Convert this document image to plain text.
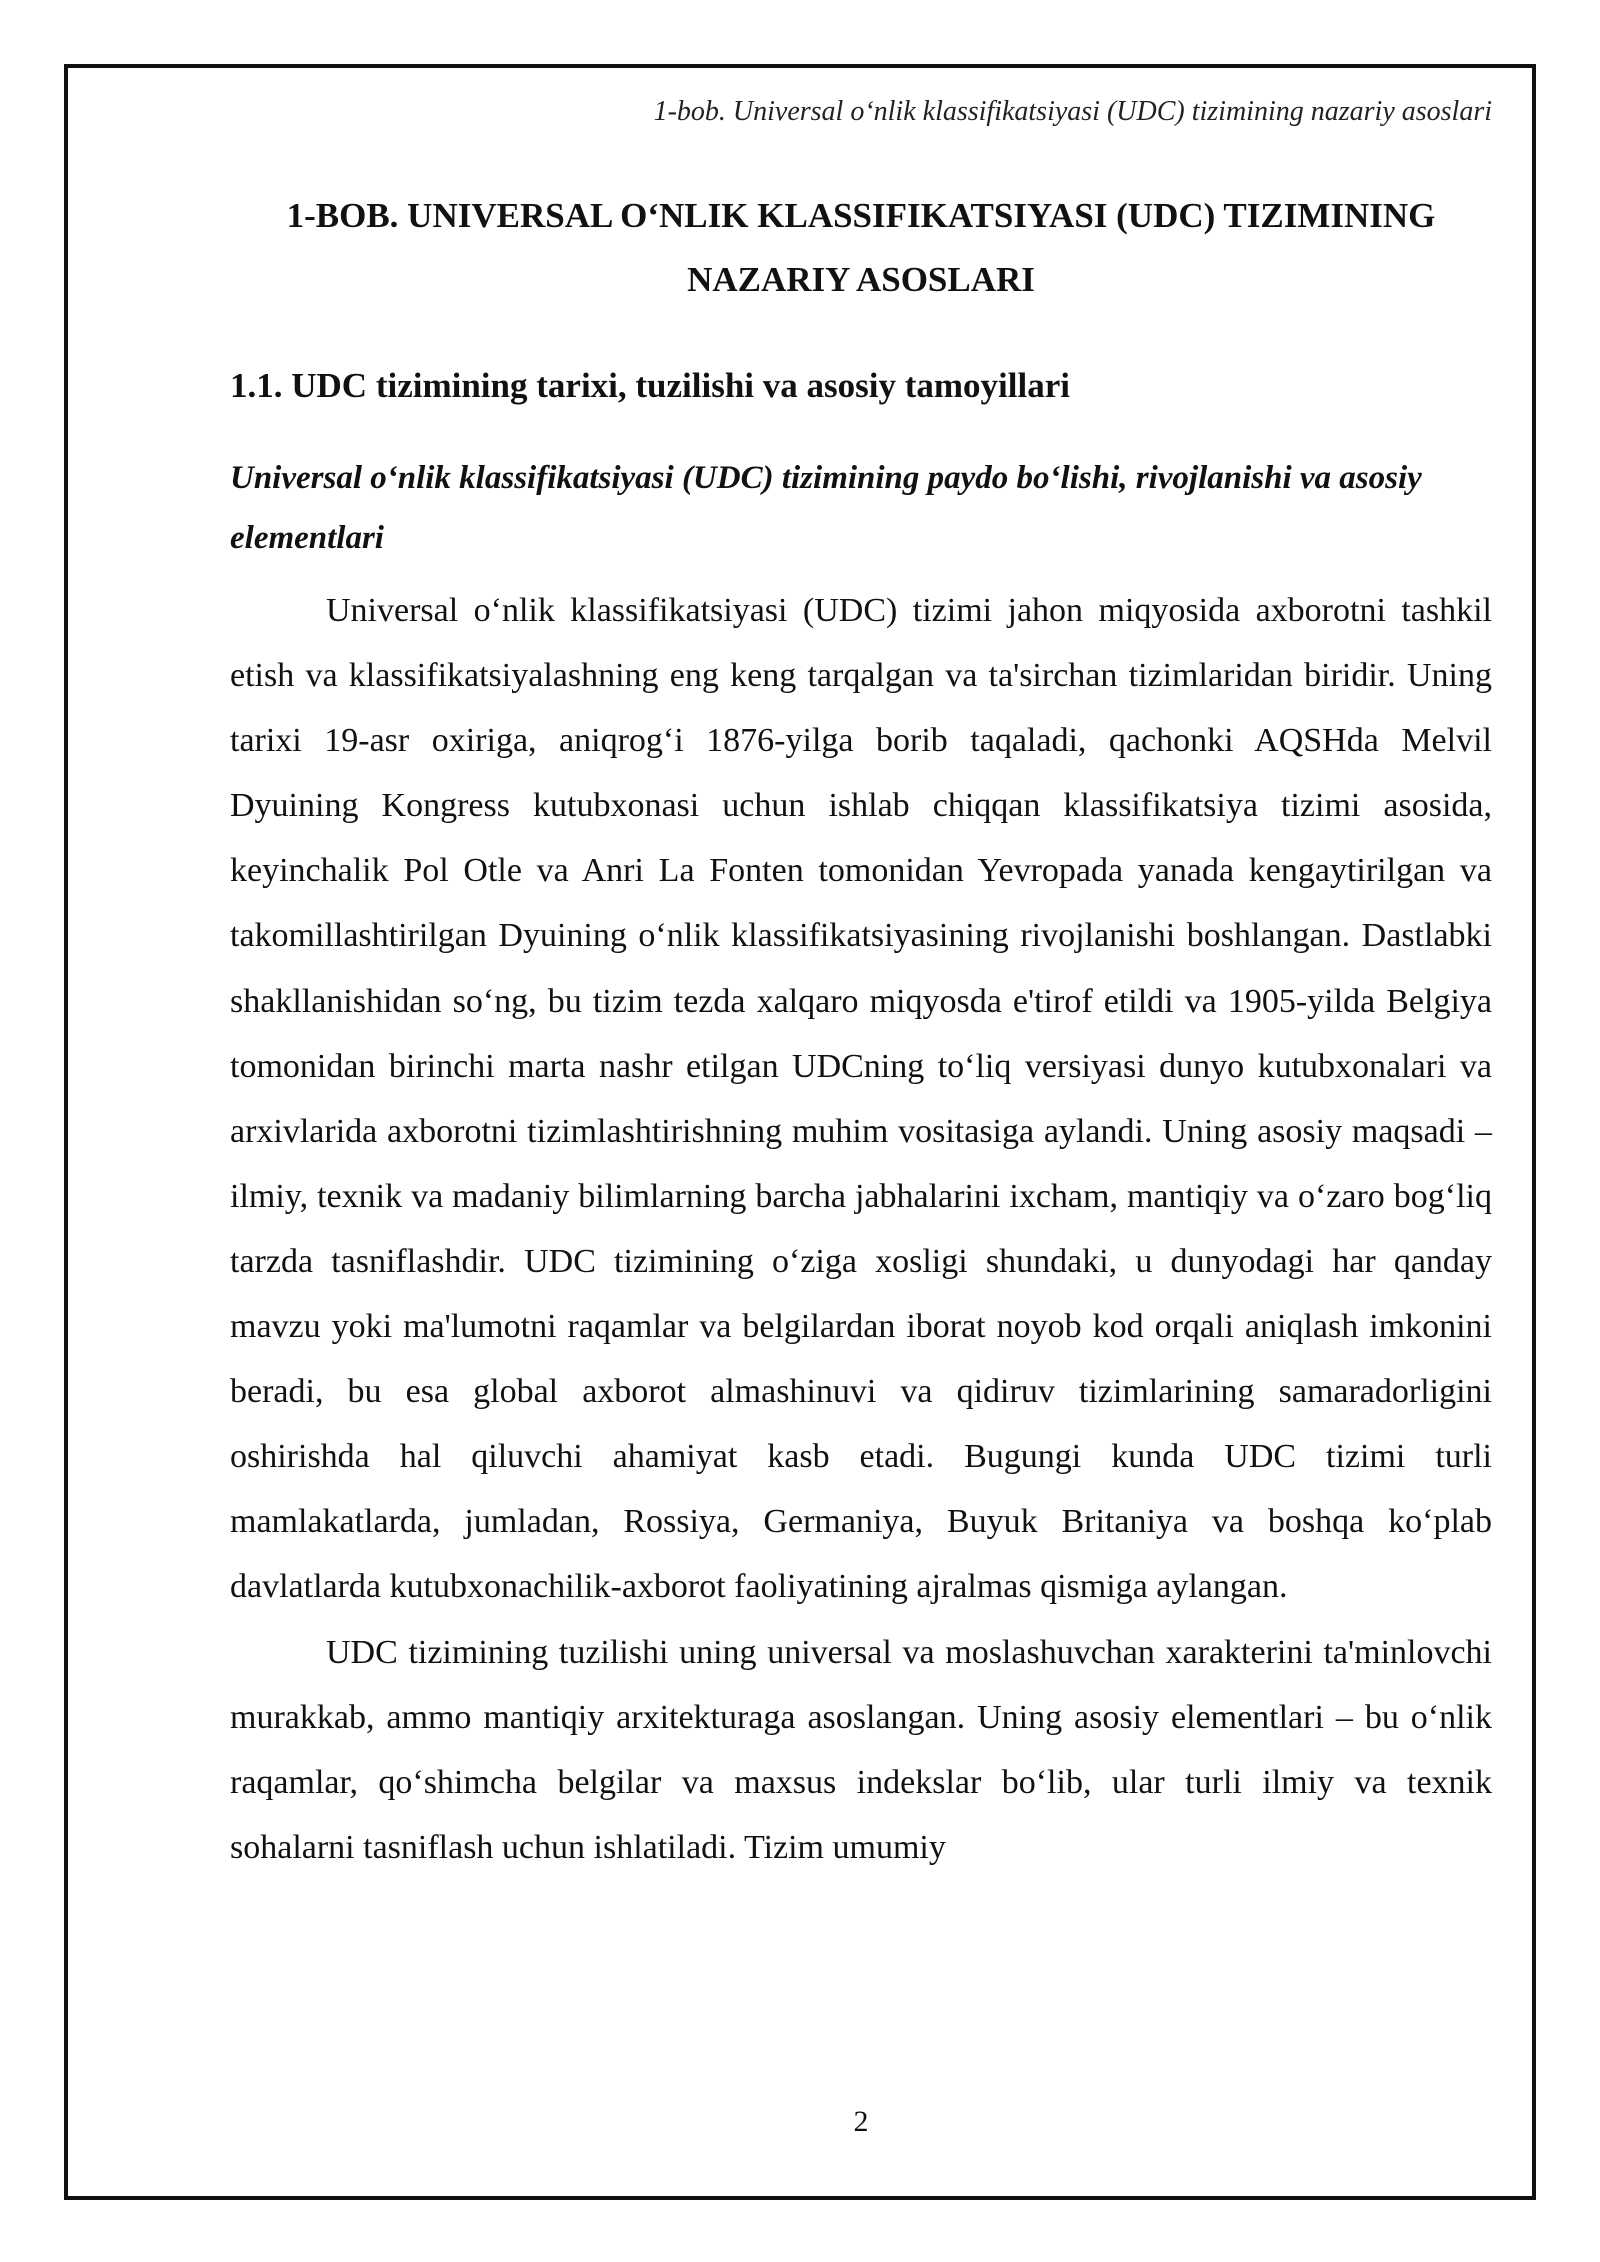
1-bob. Universal o‘nlik klassifikatsiyasi (UDC) tizimining nazariy asoslari
1-BOB. UNIVERSAL O‘NLIK KLASSIFIKATSIYASI (UDC) TIZIMINING NAZARIY ASOSLARI
1.1. UDC tizimining tarixi, tuzilishi va asosiy tamoyillari
Universal o‘nlik klassifikatsiyasi (UDC) tizimining paydo bo‘lishi, rivojlanishi va asosiy elementlari

Universal o‘nlik klassifikatsiyasi (UDC) tizimi jahon miqyosida axborotni tashkil etish va klassifikatsiyalashning eng keng tarqalgan va ta'sirchan tizimlaridan biridir. Uning tarixi 19-asr oxiriga, aniqrog‘i 1876-yilga borib taqaladi, qachonki AQSHda Melvil Dyuining Kongress kutubxonasi uchun ishlab chiqqan klassifikatsiya tizimi asosida, keyinchalik Pol Otle va Anri La Fonten tomonidan Yevropada yanada kengaytirilgan va takomillashtirilgan Dyuining o‘nlik klassifikatsiyasining rivojlanishi boshlangan. Dastlabki shakllanishidan so‘ng, bu tizim tezda xalqaro miqyosda e'tirof etildi va 1905-yilda Belgiya tomonidan birinchi marta nashr etilgan UDCning to‘liq versiyasi dunyo kutubxonalari va arxivlarida axborotni tizimlashtirishning muhim vositasiga aylandi. Uning asosiy maqsadi – ilmiy, texnik va madaniy bilimlarning barcha jabhalarini ixcham, mantiqiy va o‘zaro bog‘liq tarzda tasniflashdir. UDC tizimining o‘ziga xosligi shundaki, u dunyodagi har qanday mavzu yoki ma'lumotni raqamlar va belgilardan iborat noyob kod orqali aniqlash imkonini beradi, bu esa global axborot almashinuvi va qidiruv tizimlarining samaradorligini oshirishda hal qiluvchi ahamiyat kasb etadi. Bugungi kunda UDC tizimi turli mamlakatlarda, jumladan, Rossiya, Germaniya, Buyuk Britaniya va boshqa ko‘plab davlatlarda kutubxonachilik-axborot faoliyatining ajralmas qismiga aylangan.

UDC tizimining tuzilishi uning universal va moslashuvchan xarakterini ta'minlovchi murakkab, ammo mantiqiy arxitekturaga asoslangan. Uning asosiy elementlari – bu o‘nlik raqamlar, qo‘shimcha belgilar va maxsus indekslar bo‘lib, ular turli ilmiy va texnik sohalarni tasniflash uchun ishlatiladi. Tizim umumiy

2
